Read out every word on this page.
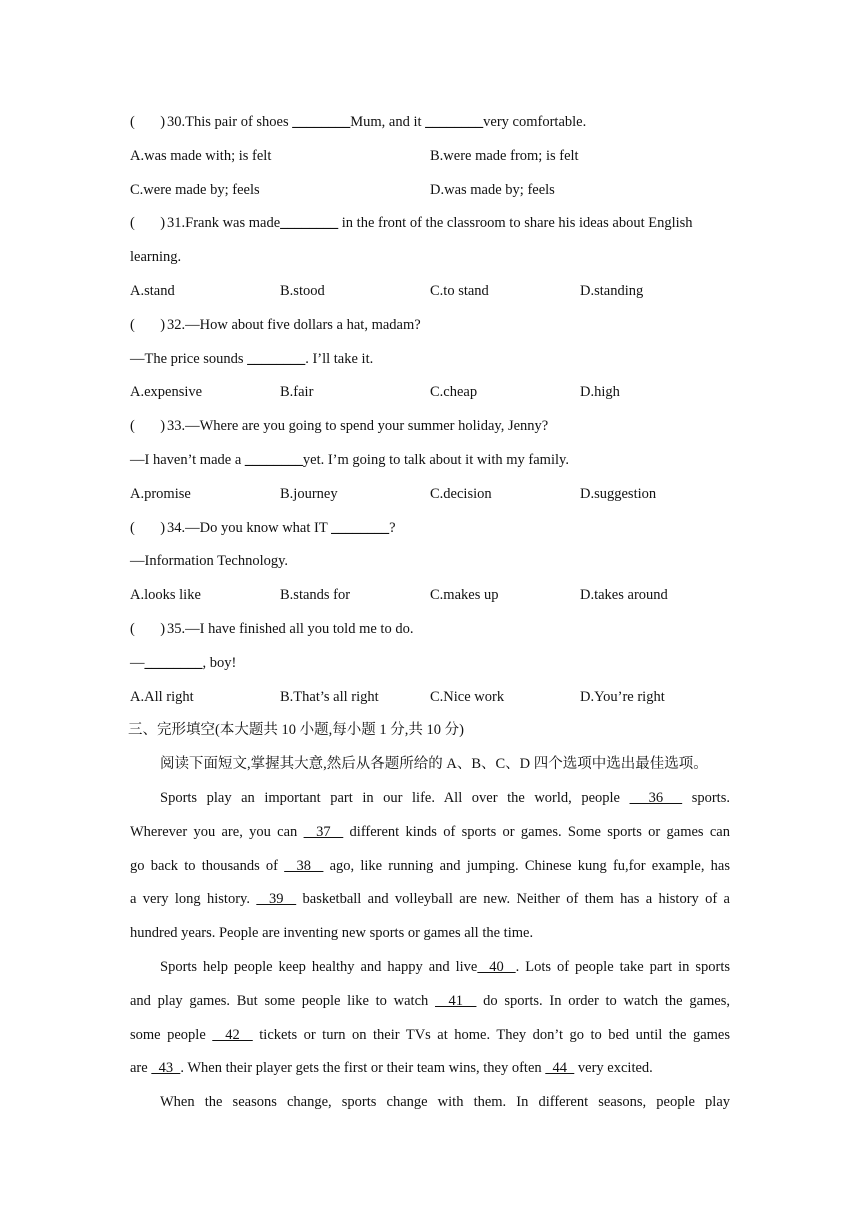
( ) 30.This pair of shoes ________Mum, and it ________very comfortable.
A.was made with; is felt	B.were made from; is felt
C.were made by; feels	D.was made by; feels
( ) 31.Frank was made________ in the front of the classroom to share his ideas about English
learning.
A.stand	B.stood	C.to stand	D.standing
( ) 32.—How about five dollars a hat, madam?
—The price sounds ________. I’ll take it.
A.expensive	B.fair	C.cheap	D.high
( ) 33.—Where are you going to spend your summer holiday, Jenny?
—I haven’t made a ________yet. I’m going to talk about it with my family.
A.promise	B.journey	C.decision	D.suggestion
( ) 34.—Do you know what IT ________?
—Information Technology.
A.looks like	B.stands for	C.makes up	D.takes around
( ) 35.—I have finished all you told me to do.
—________, boy!
A.All right	B.That’s all right	C.Nice work	D.You’re right
三、完形填空(本大题共 10 小题,每小题 1 分,共 10 分)
阅读下面短文,掌握其大意,然后从各题所给的 A、B、C、D 四个选项中选出最佳选项。
Sports play an important part in our life. All over the world, people   36   sports.
Wherever you are, you can   37   different kinds of sports or games. Some sports or games can
go back to thousands of   38   ago, like running and jumping. Chinese kung fu,for example, has
a very long history.   39   basketball and volleyball are new. Neither of them has a history of a
hundred years. People are inventing new sports or games all the time.
Sports help people keep healthy and happy and live  40  . Lots of people take part in sports
and play games. But some people like to watch   41   do sports. In order to watch the games,
some people   42   tickets or turn on their TVs at home. They don’t go to bed until the games
are   43  . When their player gets the first or their team wins, they often   44   very excited.
When the seasons change, sports change with them. In different seasons, people play
